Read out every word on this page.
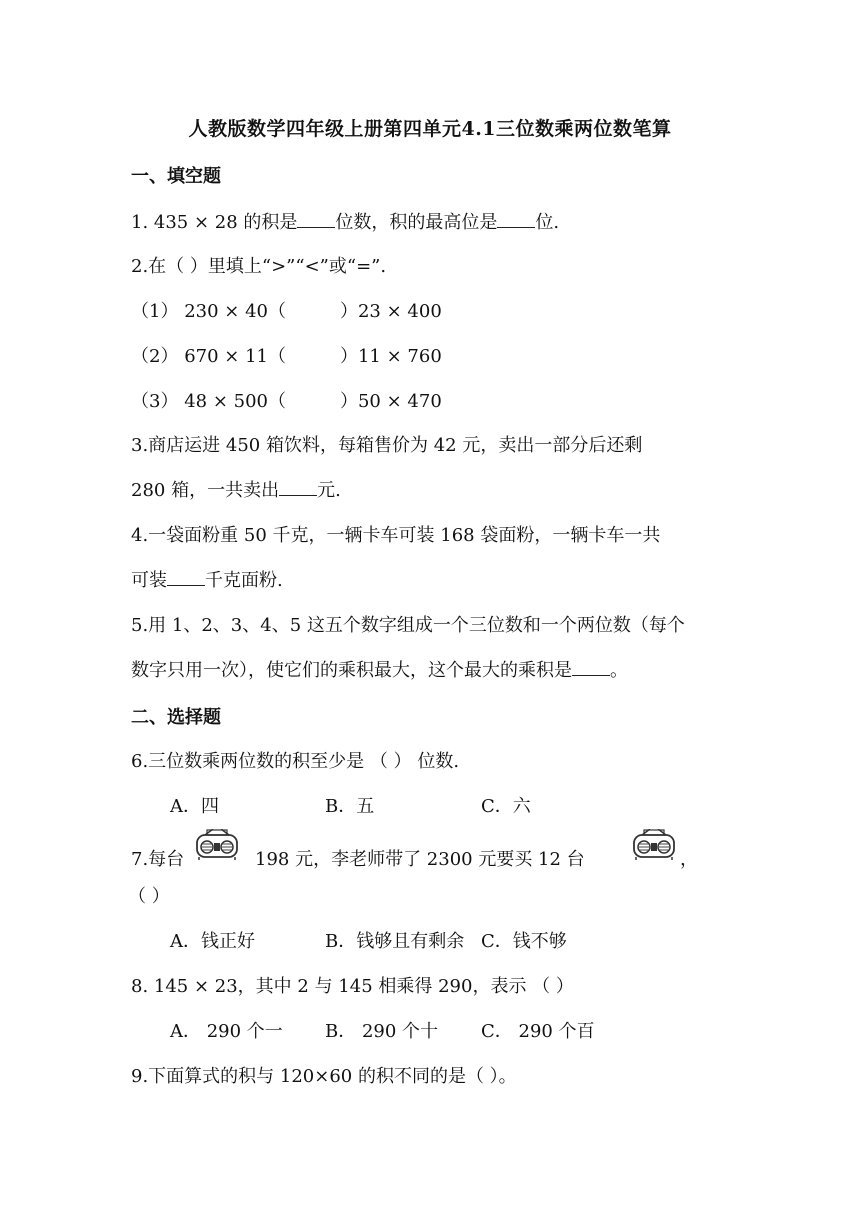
人教版数学四年级上册第四单元4.1三位数乘两位数笔算
一、填空题
1. 435 × 28 的积是 位数，积的最高位是 位.
2.在（ ）里填上“>”“<”或“=”.
（1） 230 × 40（	）23 × 400
（2） 670 × 11（	）11 × 760
（3） 48 × 500（	）50 × 470
3.商店运进 450 箱饮料，每箱售价为 42 元，卖出一部分后还剩
280 箱，一共卖出 元.
4.一袋面粉重 50 千克，一辆卡车可装 168 袋面粉，一辆卡车一共
可装 千克面粉.
5.用 1、2、3、4、5 这五个数字组成一个三位数和一个两位数（每个
数字只用一次），使它们的乘积最大，这个最大的乘积是 。
二、选择题
6.三位数乘两位数的积至少是 （ ） 位数.
A．四	B．五	C．六
7.每台	198 元，李老师带了 2300 元要买 12 台	，
（ ）
A．钱正好	B．钱够且有剩余 C．钱不够
8. 145 × 23，其中 2 与 145 相乘得 290，表示 （ ）
A． 290 个一 B． 290 个十 C． 290 个百
9.下面算式的积与 120×60 的积不同的是（ ）。
